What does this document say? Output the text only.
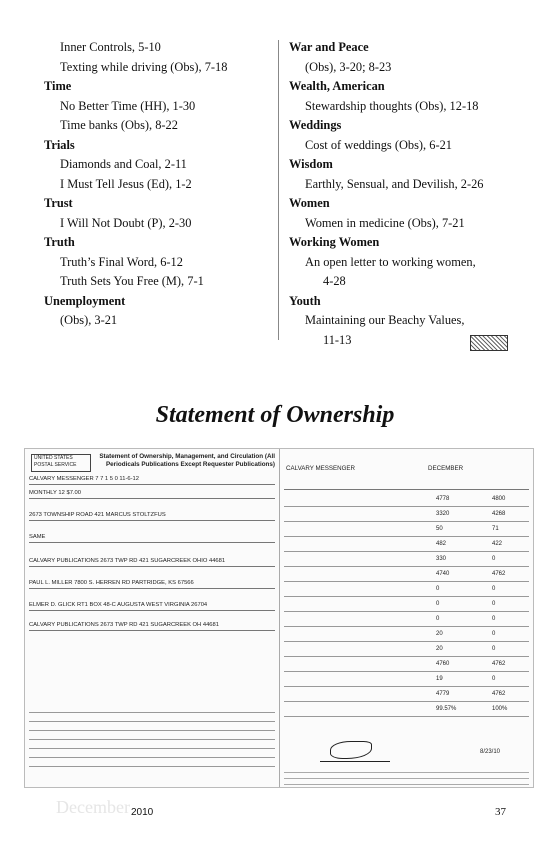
Inner Controls, 5-10
Texting while driving (Obs), 7-18
Time
No Better Time (HH), 1-30
Time banks (Obs), 8-22
Trials
Diamonds and Coal, 2-11
I Must Tell Jesus (Ed), 1-2
Trust
I Will Not Doubt (P), 2-30
Truth
Truth’s Final Word, 6-12
Truth Sets You Free (M), 7-1
Unemployment
(Obs), 3-21
War and Peace
(Obs), 3-20; 8-23
Wealth, American
Stewardship thoughts (Obs), 12-18
Weddings
Cost of weddings (Obs), 6-21
Wisdom
Earthly, Sensual, and Devilish, 2-26
Women
Women in medicine (Obs), 7-21
Working Women
An open letter to working women,
4-28
Youth
Maintaining our Beachy Values,
11-13
Statement of Ownership
UNITED STATES POSTAL SERVICE
Statement of Ownership, Management, and Circulation (All Periodicals Publications Except Requester Publications)
CALVARY MESSENGER 7 7 1 5 0 11-6-12
MONTHLY 12 $7.00
2673 TOWNSHIP ROAD 421 MARCUS STOLTZFUS
SAME
CALVARY PUBLICATIONS 2673 TWP RD 421 SUGARCREEK OHIO 44681
PAUL L. MILLER 7800 S. HERREN RD PARTRIDGE, KS 67566
ELMER D. GLICK RT1 BOX 48-C AUGUSTA WEST VIRGINIA 26704
CALVARY PUBLICATIONS 2673 TWP RD 421 SUGARCREEK OH 44681
CALVARY MESSENGER	DECEMBER
4778	4800
3320	4268
50	71
482	422
330	0
4740	4762
0	0
0	0
0	0
20	0
20	0
4760	4762
19	0
4779	4762
99.57%	100%
8/23/10
December 2010	37
